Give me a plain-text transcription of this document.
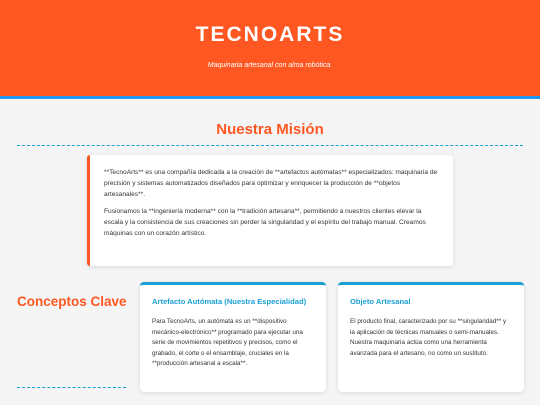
TECNOARTS

Maquinaria artesanal con alma robótica.

Nuestra Misión

**TecnoArts** es una compañía dedicada a la creación de **artefactos autómatas** especializados: maquinaria de precisión y sistemas automatizados diseñados para optimizar y enriquecer la producción de **objetos artesanales**.

Fusionamos la **ingeniería moderna** con la **tradición artesana**, permitiendo a nuestros clientes elevar la escala y la consistencia de sus creaciones sin perder la singularidad y el espíritu del trabajo manual. Creamos máquinas con un corazón artístico.

Conceptos Clave	Artefacto Autómata (Nuestra Especialidad)

Para TecnoArts, un autómata es un **dispositivo mecánico-electrónico** programado para ejecutar una serie de movimientos repetitivos y precisos, como el grabado, el corte o el ensamblaje, cruciales en la **producción artesanal a escala**.

Objeto Artesanal

El producto final, caracterizado por su **singularidad** y la aplicación de técnicas manuales o semi-manuales. Nuestra maquinaria actúa como una herramienta avanzada para el artesano, no como un sustituto.
